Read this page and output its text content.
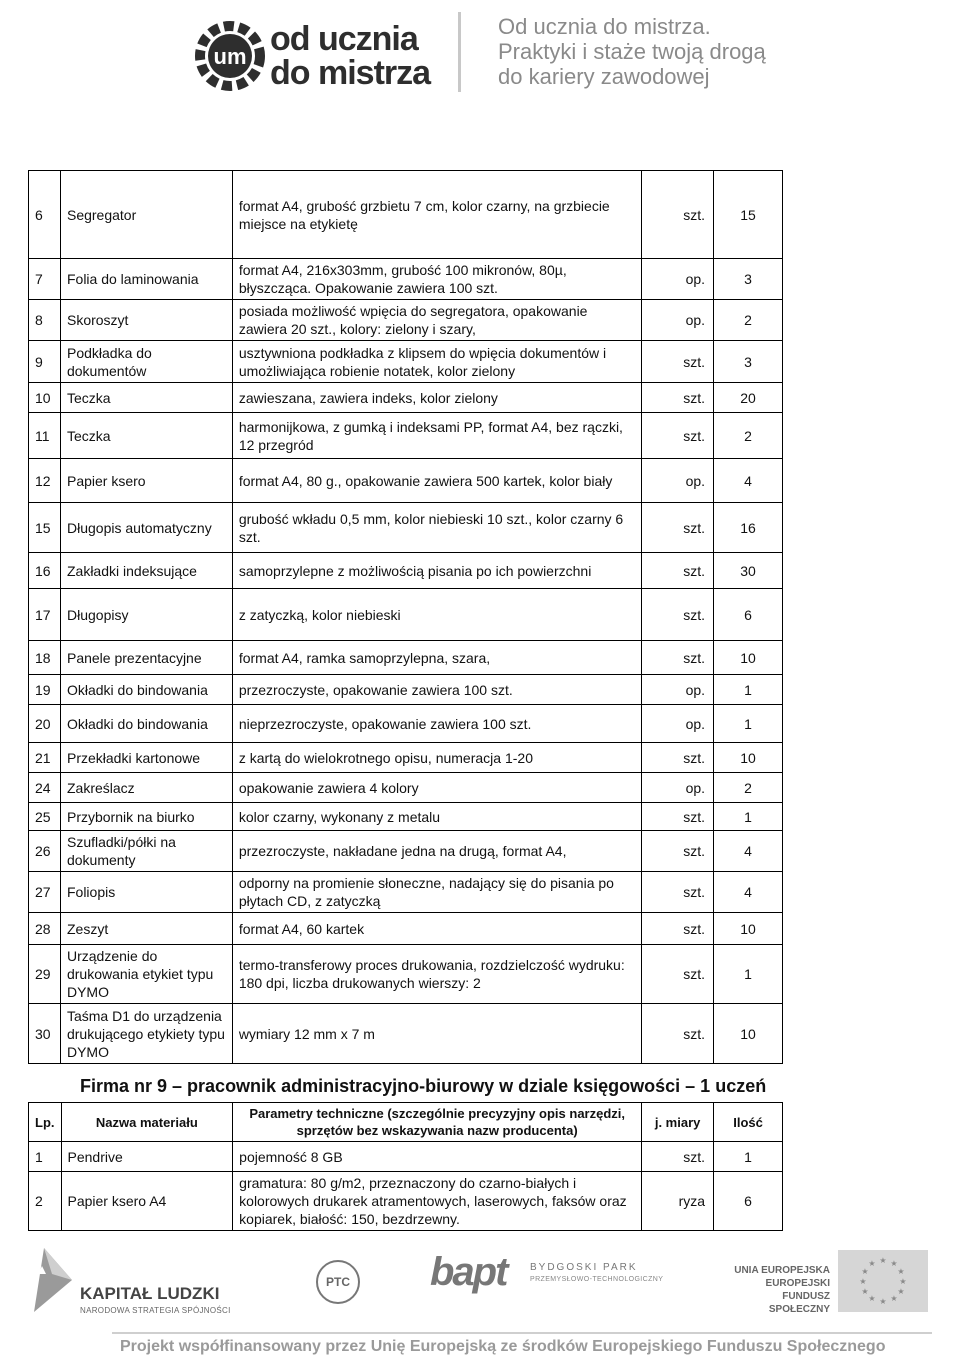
um od ucznia
do mistrza
Od ucznia do mistrza.
Praktyki i staże twoją drogą
do kariery zawodowej
6	Segregator	format A4, grubość grzbietu 7 cm, kolor czarny, na grzbiecie miejsce na etykietę	szt.	15
7	Folia do laminowania	format A4, 216x303mm, grubość 100 mikronów, 80µ, błyszcząca. Opakowanie zawiera 100 szt.	op.	3
8	Skoroszyt	posiada możliwość wpięcia do segregatora, opakowanie zawiera 20 szt., kolory: zielony i szary,	op.	2
9	Podkładka do dokumentów	usztywniona podkładka z klipsem do wpięcia dokumentów i umożliwiająca robienie notatek, kolor zielony	szt.	3
10	Teczka	zawieszana, zawiera indeks, kolor zielony	szt.	20
11	Teczka	harmonijkowa, z gumką i indeksami PP, format A4, bez rączki, 12 przegród	szt.	2
12	Papier ksero	format A4, 80 g., opakowanie zawiera 500 kartek, kolor biały	op.	4
15	Długopis automatyczny	grubość wkładu 0,5 mm, kolor niebieski 10 szt., kolor czarny 6 szt.	szt.	16
16	Zakładki indeksujące	samoprzylepne z możliwością pisania po ich powierzchni	szt.	30
17	Długopisy	z zatyczką, kolor niebieski	szt.	6
18	Panele prezentacyjne	format A4, ramka samoprzylepna, szara,	szt.	10
19	Okładki do bindowania	przezroczyste, opakowanie zawiera 100 szt.	op.	1
20	Okładki do bindowania	nieprzezroczyste, opakowanie zawiera 100 szt.	op.	1
21	Przekładki kartonowe	z kartą do wielokrotnego opisu, numeracja 1-20	szt.	10
24	Zakreślacz	opakowanie zawiera 4 kolory	op.	2
25	Przybornik na biurko	kolor czarny, wykonany z metalu	szt.	1
26	Szufladki/półki na dokumenty	przezroczyste, nakładane jedna na drugą, format A4,	szt.	4
27	Foliopis	odporny na promienie słoneczne, nadający się do pisania po płytach CD, z zatyczką	szt.	4
28	Zeszyt	format A4, 60 kartek	szt.	10
29	Urządzenie do drukowania etykiet typu DYMO	termo-transferowy proces drukowania, rozdzielczość wydruku: 180 dpi, liczba drukowanych wierszy: 2	szt.	1
30	Taśma D1 do urządzenia drukującego etykiety typu DYMO	wymiary 12 mm x 7 m	szt.	10
Firma nr 9 – pracownik administracyjno-biurowy w dziale księgowości – 1 uczeń
Lp.	Nazwa materiału	Parametry techniczne (szczególnie precyzyjny opis narzędzi, sprzętów bez wskazywania nazw producenta)	j. miary	Ilość
1	Pendrive	pojemność 8 GB	szt.	1
2	Papier ksero A4	gramatura: 80 g/m2, przeznaczony do czarno-białych i kolorowych drukarek atramentowych, laserowych, faksów oraz kopiarek, białość: 150, bezdrzewny.	ryza	6
KAPITAŁ LUDZKI
NARODOWA STRATEGIA SPÓJNOŚCI
PTC bapt BYDGOSKI PARK
PRZEMYSŁOWO-TECHNOLOGICZNY
UNIA EUROPEJSKA
EUROPEJSKI
FUNDUSZ SPOŁECZNY
★ ★
★
★
★
★
★
★
★
★
★
★
Projekt współfinansowany przez Unię Europejską ze środków Europejskiego Funduszu Społecznego
